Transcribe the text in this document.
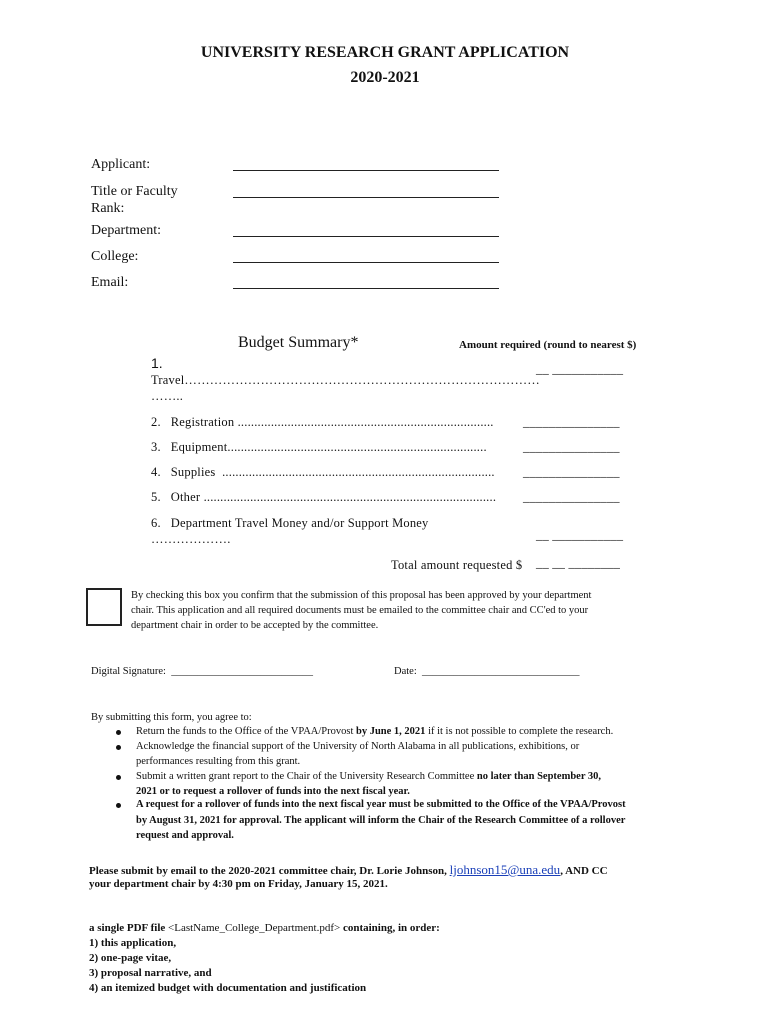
UNIVERSITY RESEARCH GRANT APPLICATION
2020-2021
Applicant:
Title or Faculty
Rank:
Department:
College:
Email:
Budget Summary*	Amount required (round to nearest $)
1.
Travel…………………………………………………………………………
……..
__ ___________
2. Registration ............................................................................. _______________
3. Equipment..............................................................................	_______________
4. Supplies .................................................................................. _______________
5. Other ........................................................................................ _______________
6. Department Travel Money and/or Support Money
……………….	__ ___________
Total amount requested $ __ __ ________
By checking this box you confirm that the submission of this proposal has been approved by your department
chair. This application and all required documents must be emailed to the committee chair and CC'ed to your
department chair in order to be accepted by the committee.
Digital Signature: ___________________________	Date: ______________________________
By submitting this form, you agree to:
Return the funds to the Office of the VPAA/Provost by June 1, 2021 if it is not possible to complete the research.
Acknowledge the financial support of the University of North Alabama in all publications, exhibitions, or
performances resulting from this grant.
Submit a written grant report to the Chair of the University Research Committee no later than September 30,
2021 or to request a rollover of funds into the next fiscal year.
A request for a rollover of funds into the next fiscal year must be submitted to the Office of the VPAA/Provost
by August 31, 2021 for approval. The applicant will inform the Chair of the Research Committee of a rollover
request and approval.
Please submit by email to the 2020-2021 committee chair, Dr. Lorie Johnson, ljohnson15@una.edu, AND CC
your department chair by 4:30 pm on Friday, January 15, 2021.
a single PDF file <LastName_College_Department.pdf> containing, in order:
1) this application,
2) one-page vitae,
3) proposal narrative, and
4) an itemized budget with documentation and justification
